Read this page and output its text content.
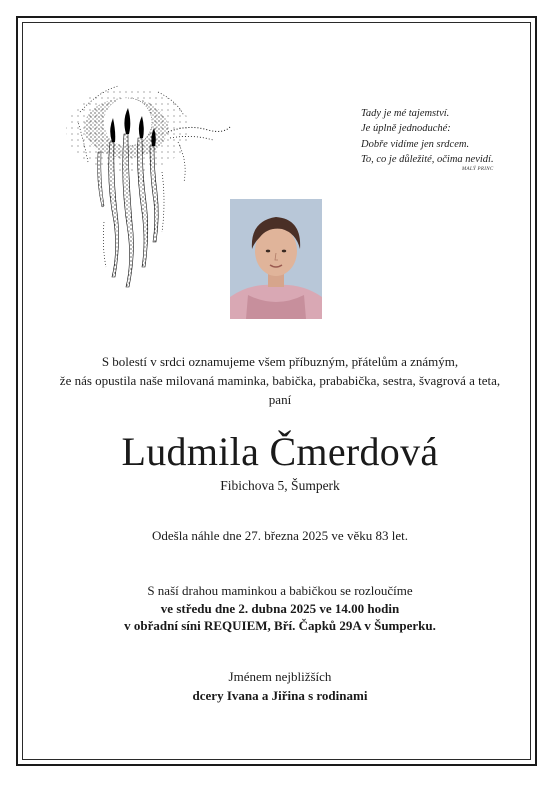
Tady je mé tajemství.
Je úplně jednoduché:
Dobře vidíme jen srdcem.
To, co je důležité, očima nevidí.
MALÝ PRINC
S bolestí v srdci oznamujeme všem příbuzným, přátelům a známým,
že nás opustila naše milovaná maminka, babička, prababička, sestra, švagrová a teta,
paní
Ludmila Čmerdová
Fibichova 5, Šumperk
Odešla náhle dne 27. března 2025 ve věku 83 let.
S naší drahou maminkou a babičkou se rozloučíme
ve středu dne 2. dubna 2025 ve 14.00 hodin
v obřadní síni REQUIEM, Bří. Čapků 29A v Šumperku.
Jménem nejbližších
dcery Ivana a Jiřina s rodinami
